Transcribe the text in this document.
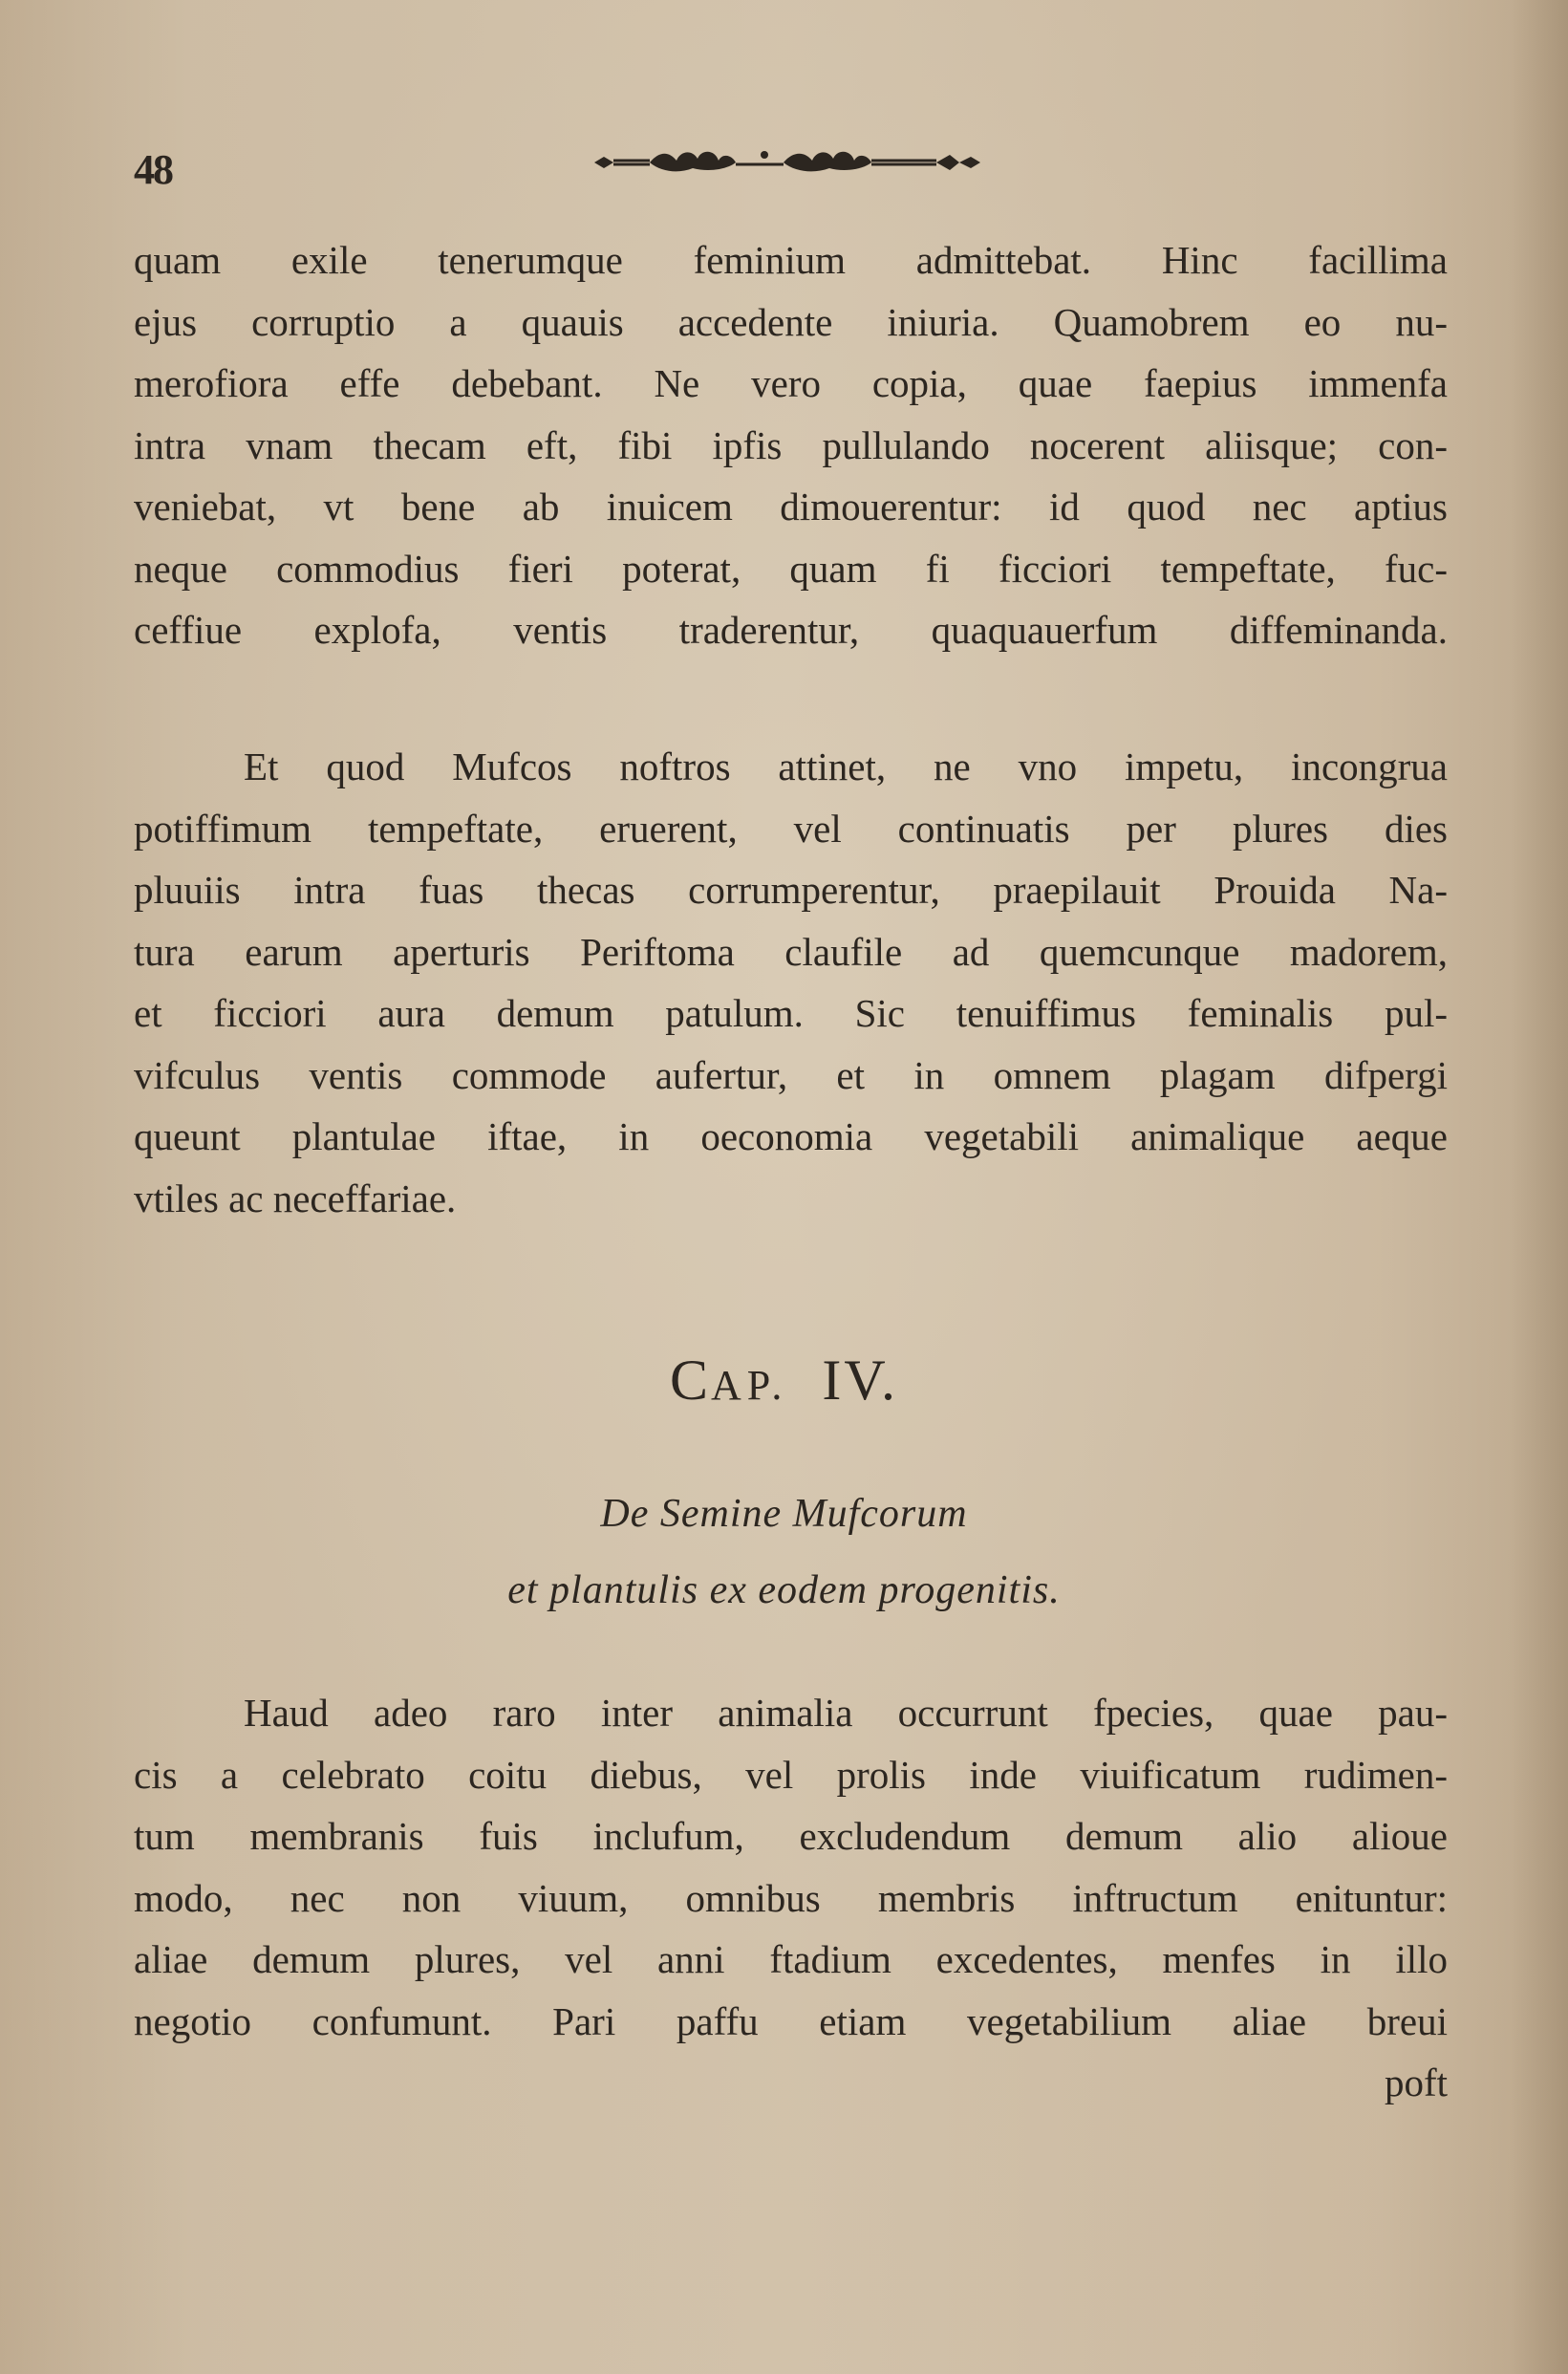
48
quam exile tenerumque feminium admittebat. Hinc facillima
ejus corruptio a quauis accedente iniuria. Quamobrem eo nu-
merofiora effe debebant. Ne vero copia, quae faepius immenfa
intra vnam thecam eft, fibi ipfis pullulando nocerent aliisque; con-
veniebat, vt bene ab inuicem dimouerentur: id quod nec aptius
neque commodius fieri poterat, quam fi ficciori tempeftate, fuc-
ceffiue explofa, ventis traderentur, quaquauerfum diffeminanda.
Et quod Mufcos noftros attinet, ne vno impetu, incongrua
potiffimum tempeftate, eruerent, vel continuatis per plures dies
pluuiis intra fuas thecas corrumperentur, praepilauit Prouida Na-
tura earum aperturis Periftoma claufile ad quemcunque madorem,
et ficciori aura demum patulum. Sic tenuiffimus feminalis pul-
vifculus ventis commode aufertur, et in omnem plagam difpergi
queunt plantulae iftae, in oeconomia vegetabili animalique aeque
vtiles ac neceffariae.
CAP. IV.
De Semine Mufcorum
et plantulis ex eodem progenitis.
Haud adeo raro inter animalia occurrunt fpecies, quae pau-
cis a celebrato coitu diebus, vel prolis inde viuificatum rudimen-
tum membranis fuis inclufum, excludendum demum alio alioue
modo, nec non viuum, omnibus membris inftructum enituntur:
aliae demum plures, vel anni ftadium excedentes, menfes in illo
negotio confumunt. Pari paffu etiam vegetabilium aliae breui
poft
